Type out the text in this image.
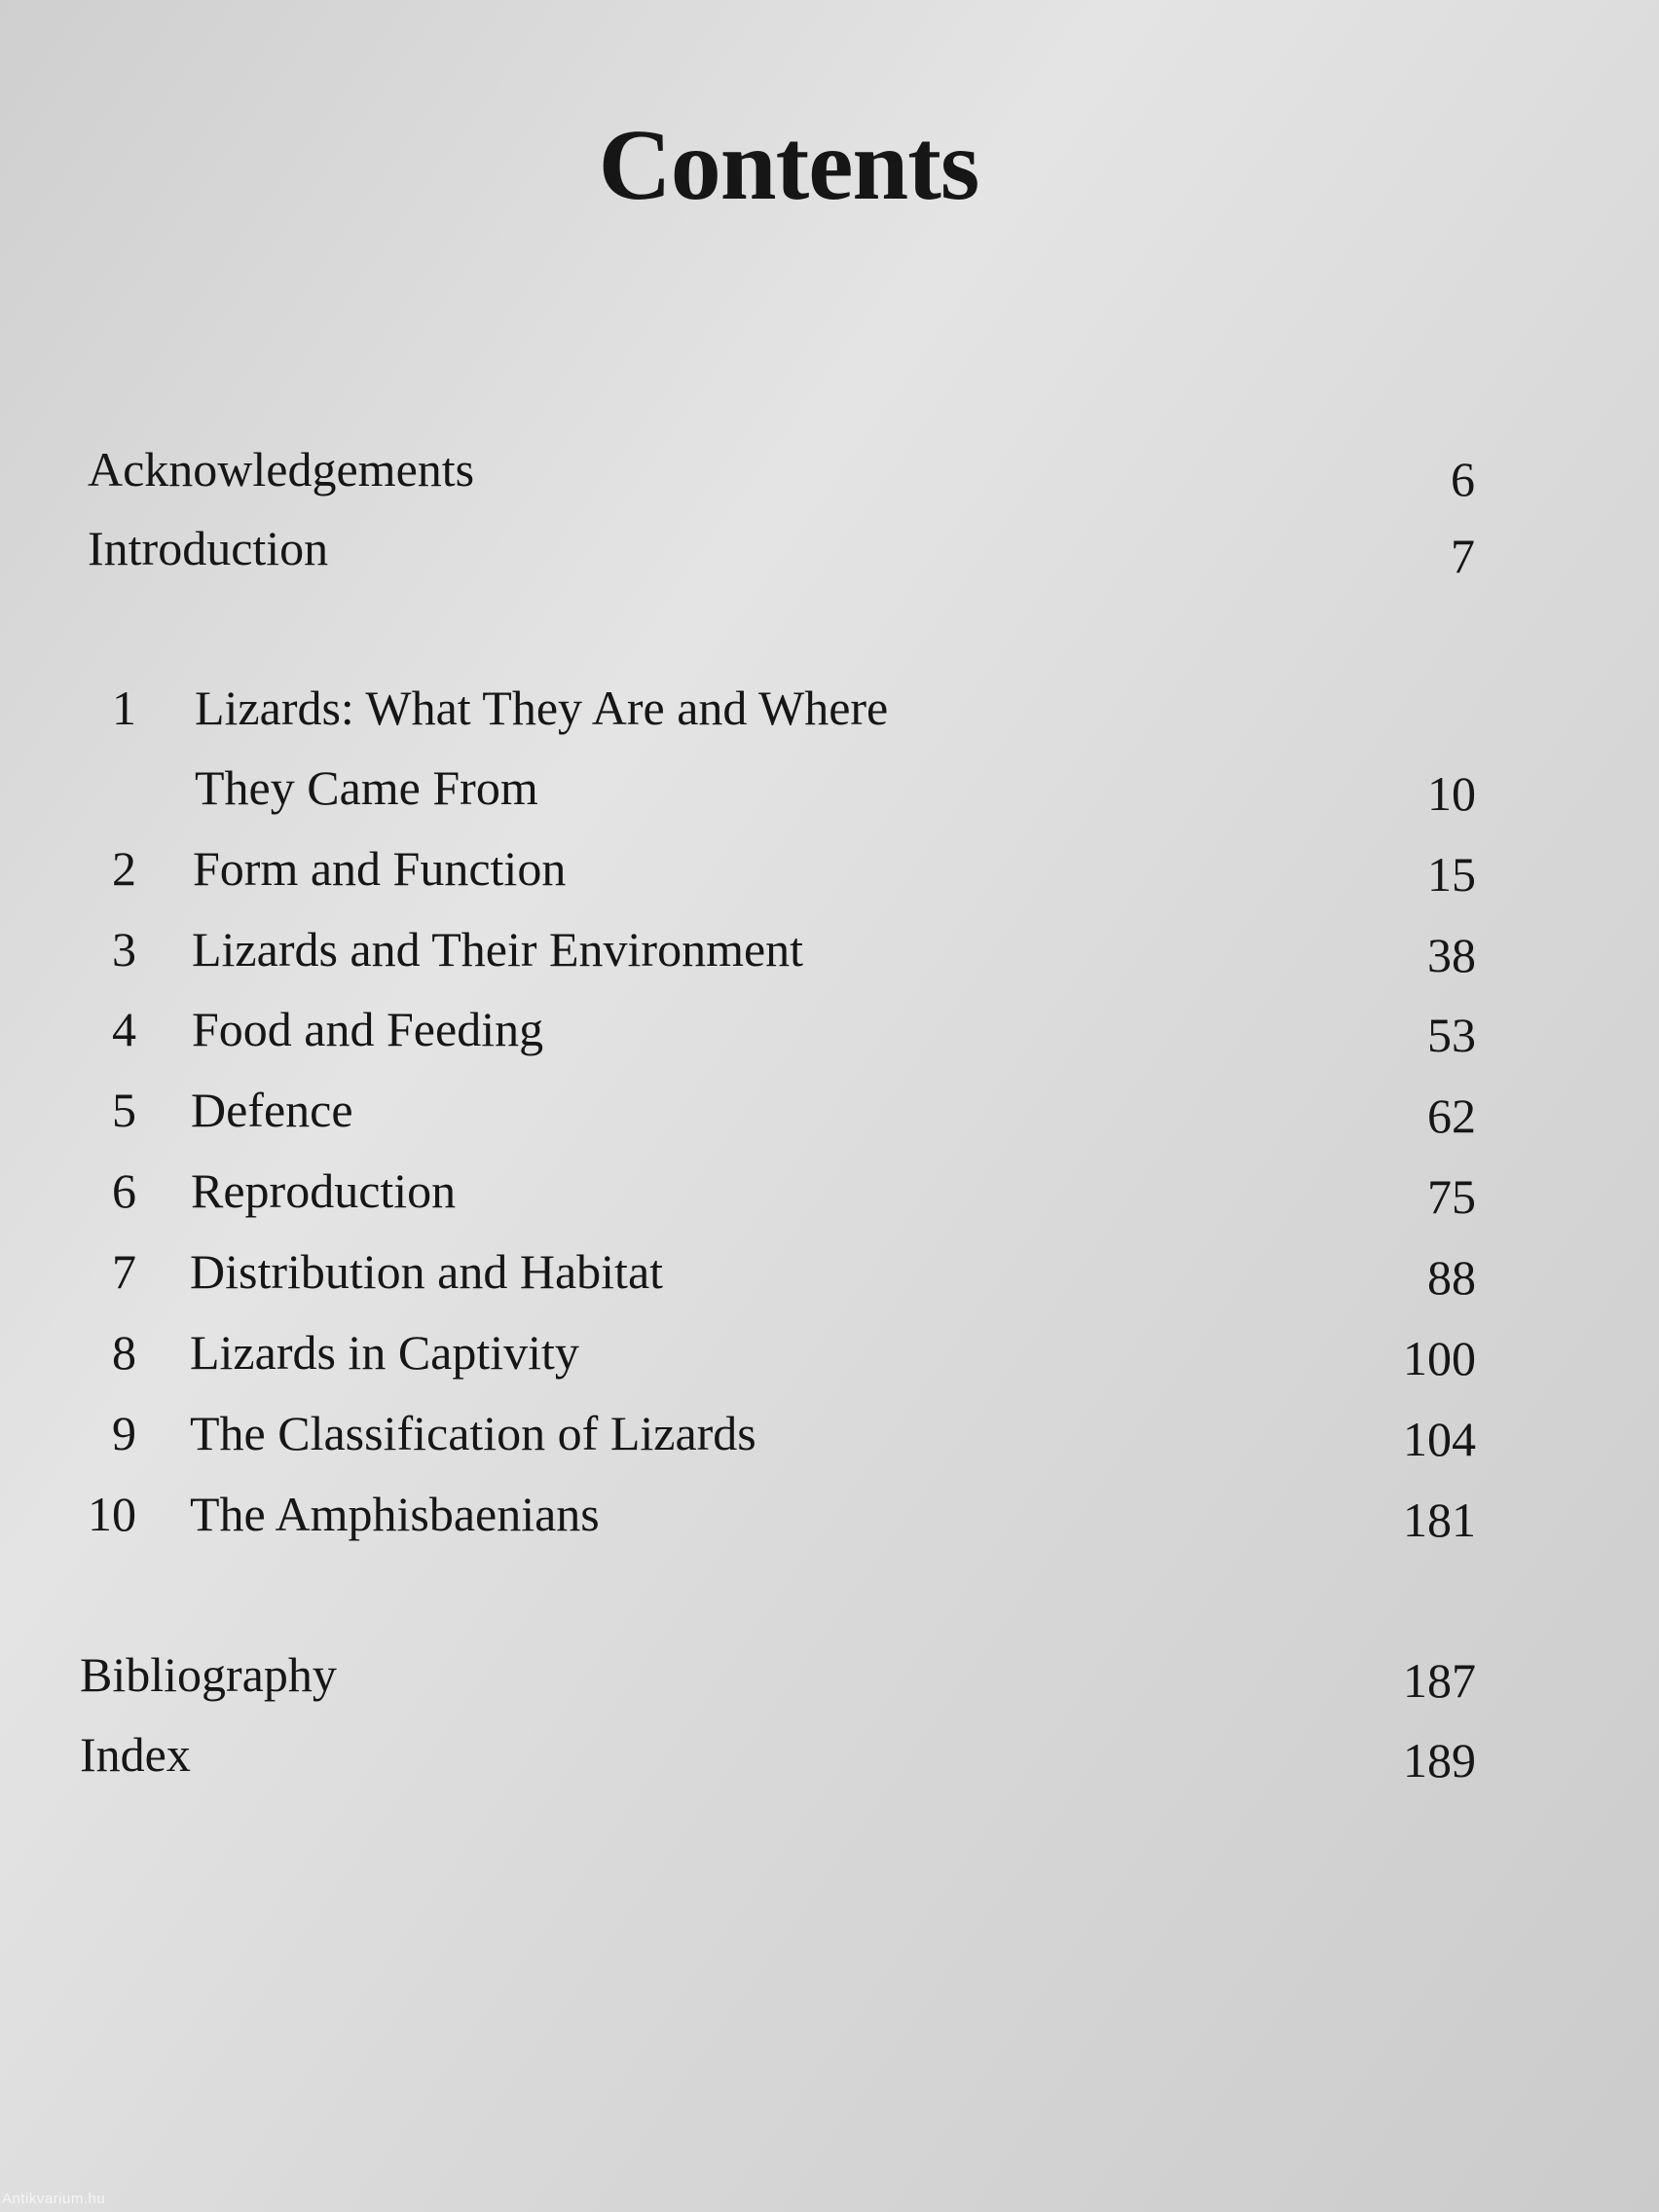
Contents
Acknowledgements	6
Introduction	7
1 Lizards: What They Are and Where
They Came From	10
2 Form and Function	15
3 Lizards and Their Environment	38
4 Food and Feeding	53
5 Defence	62
6 Reproduction	75
7 Distribution and Habitat	88
8 Lizards in Captivity	100
9 The Classification of Lizards	104
10 The Amphisbaenians	181
Bibliography	187
Index	189
Antikvarium.hu
